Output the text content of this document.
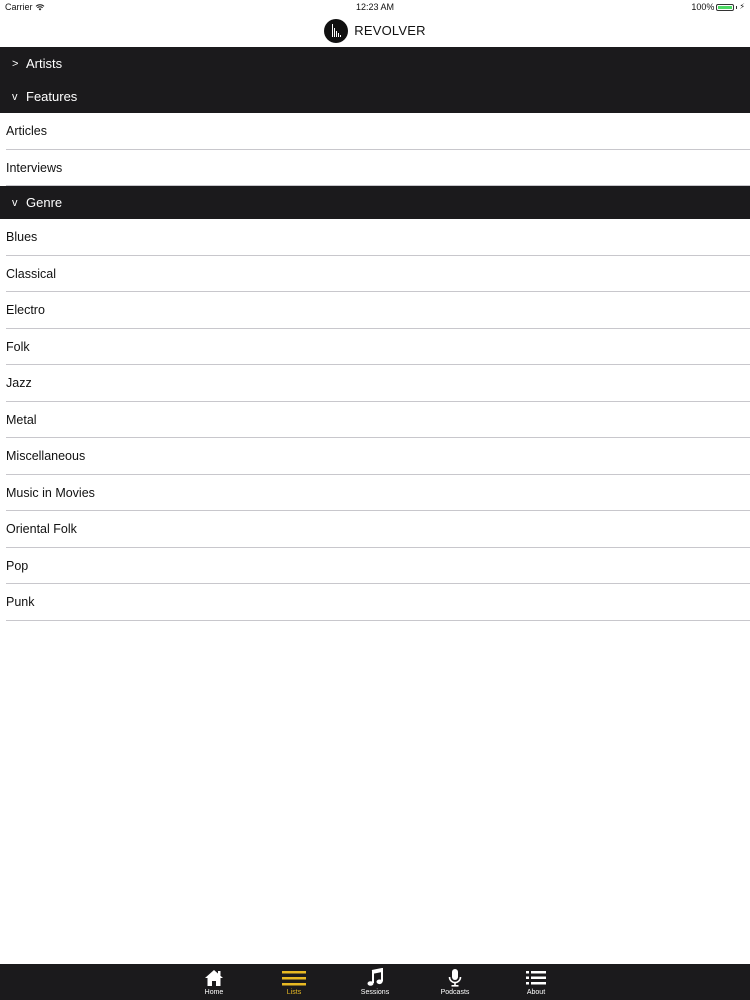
Carrier	12:23 AM	100%	⚡
REVOLVER
> Artists
v Features
Articles
Interviews
v Genre
Blues
Classical
Electro
Folk
Jazz
Metal
Miscellaneous
Music in Movies
Oriental Folk
Pop
Punk
Home	Lists	Sessions	Podcasts	About
